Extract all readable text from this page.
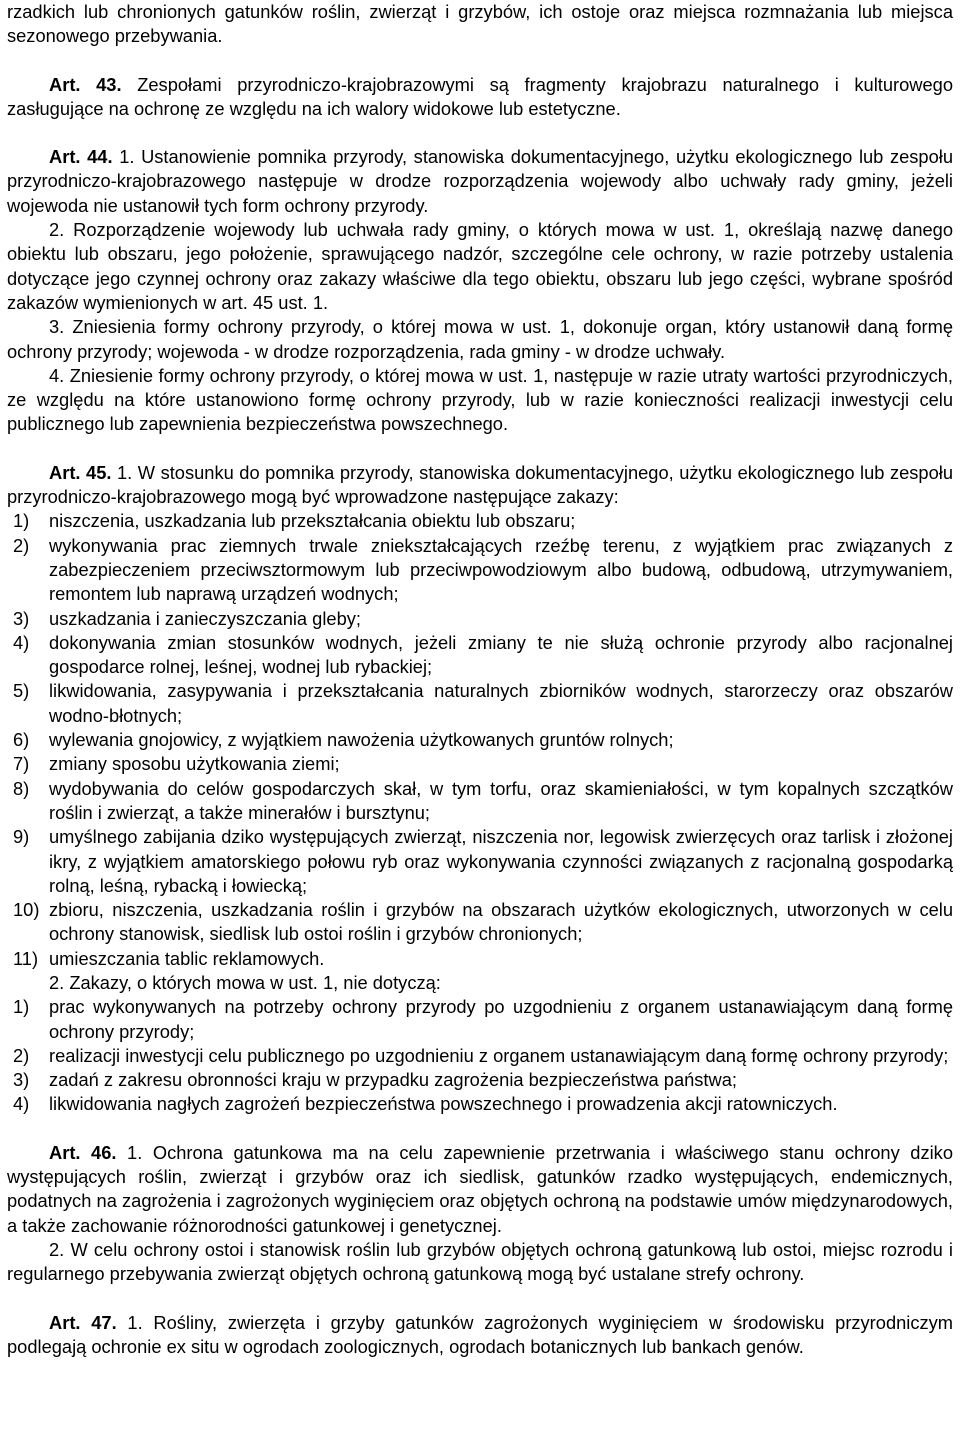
rzadkich lub chronionych gatunków roślin, zwierząt i grzybów, ich ostoje oraz miejsca rozmnażania lub miejsca sezonowego przebywania.

Art. 43. Zespołami przyrodniczo-krajobrazowymi są fragmenty krajobrazu naturalnego i kulturowego zasługujące na ochronę ze względu na ich walory widokowe lub estetyczne.

Art. 44. 1. Ustanowienie pomnika przyrody, stanowiska dokumentacyjnego, użytku ekologicznego lub zespołu przyrodniczo-krajobrazowego następuje w drodze rozporządzenia wojewody albo uchwały rady gminy, jeżeli wojewoda nie ustanowił tych form ochrony przyrody.

2. Rozporządzenie wojewody lub uchwała rady gminy, o których mowa w ust. 1, określają nazwę danego obiektu lub obszaru, jego położenie, sprawującego nadzór, szczególne cele ochrony, w razie potrzeby ustalenia dotyczące jego czynnej ochrony oraz zakazy właściwe dla tego obiektu, obszaru lub jego części, wybrane spośród zakazów wymienionych w art. 45 ust. 1.

3. Zniesienia formy ochrony przyrody, o której mowa w ust. 1, dokonuje organ, który ustanowił daną formę ochrony przyrody; wojewoda - w drodze rozporządzenia, rada gminy - w drodze uchwały.

4. Zniesienie formy ochrony przyrody, o której mowa w ust. 1, następuje w razie utraty wartości przyrodniczych, ze względu na które ustanowiono formę ochrony przyrody, lub w razie konieczności realizacji inwestycji celu publicznego lub zapewnienia bezpieczeństwa powszechnego.

Art. 45. 1. W stosunku do pomnika przyrody, stanowiska dokumentacyjnego, użytku ekologicznego lub zespołu przyrodniczo-krajobrazowego mogą być wprowadzone następujące zakazy:

1)	niszczenia, uszkadzania lub przekształcania obiektu lub obszaru;
2)	wykonywania prac ziemnych trwale zniekształcających rzeźbę terenu, z wyjątkiem prac związanych z zabezpieczeniem przeciwsztormowym lub przeciwpowodziowym albo budową, odbudową, utrzymywaniem, remontem lub naprawą urządzeń wodnych;
3)	uszkadzania i zanieczyszczania gleby;
4)	dokonywania zmian stosunków wodnych, jeżeli zmiany te nie służą ochronie przyrody albo racjonalnej gospodarce rolnej, leśnej, wodnej lub rybackiej;
5)	likwidowania, zasypywania i przekształcania naturalnych zbiorników wodnych, starorzeczy oraz obszarów wodno-błotnych;
6)	wylewania gnojowicy, z wyjątkiem nawożenia użytkowanych gruntów rolnych;
7)	zmiany sposobu użytkowania ziemi;
8)	wydobywania do celów gospodarczych skał, w tym torfu, oraz skamieniałości, w tym kopalnych szczątków roślin i zwierząt, a także minerałów i bursztynu;
9)	umyślnego zabijania dziko występujących zwierząt, niszczenia nor, legowisk zwierzęcych oraz tarlisk i złożonej ikry, z wyjątkiem amatorskiego połowu ryb oraz wykonywania czynności związanych z racjonalną gospodarką rolną, leśną, rybacką i łowiecką;
10) zbioru, niszczenia, uszkadzania roślin i grzybów na obszarach użytków ekologicznych, utworzonych w celu ochrony stanowisk, siedlisk lub ostoi roślin i grzybów chronionych;
11) umieszczania tablic reklamowych.

2. Zakazy, o których mowa w ust. 1, nie dotyczą:

1)	prac wykonywanych na potrzeby ochrony przyrody po uzgodnieniu z organem ustanawiającym daną formę ochrony przyrody;
2)	realizacji inwestycji celu publicznego po uzgodnieniu z organem ustanawiającym daną formę ochrony przyrody;
3)	zadań z zakresu obronności kraju w przypadku zagrożenia bezpieczeństwa państwa;
4)	likwidowania nagłych zagrożeń bezpieczeństwa powszechnego i prowadzenia akcji ratowniczych.

Art. 46. 1. Ochrona gatunkowa ma na celu zapewnienie przetrwania i właściwego stanu ochrony dziko występujących roślin, zwierząt i grzybów oraz ich siedlisk, gatunków rzadko występujących, endemicznych, podatnych na zagrożenia i zagrożonych wyginięciem oraz objętych ochroną na podstawie umów międzynarodowych, a także zachowanie różnorodności gatunkowej i genetycznej.

2. W celu ochrony ostoi i stanowisk roślin lub grzybów objętych ochroną gatunkową lub ostoi, miejsc rozrodu i regularnego przebywania zwierząt objętych ochroną gatunkową mogą być ustalane strefy ochrony.

Art. 47. 1. Rośliny, zwierzęta i grzyby gatunków zagrożonych wyginięciem w środowisku przyrodniczym podlegają ochronie ex situ w ogrodach zoologicznych, ogrodach botanicznych lub bankach genów.
